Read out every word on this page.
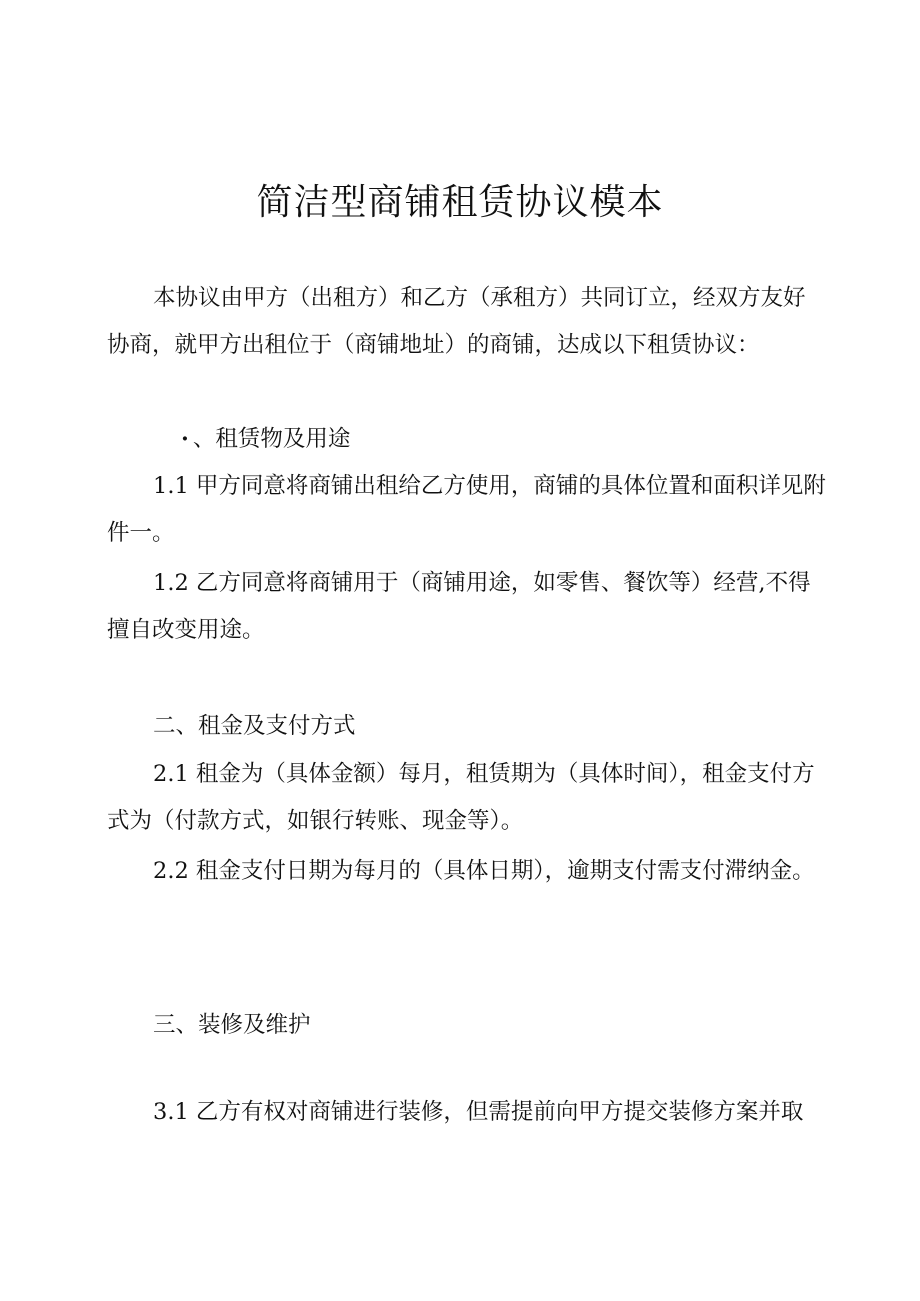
简洁型商铺租赁协议模本

本协议由甲方（出租方）和乙方（承租方）共同订立，经双方友好协商，就甲方出租位于（商铺地址）的商铺，达成以下租赁协议：

· 、租赁物及用途

1.1 甲方同意将商铺出租给乙方使用，商铺的具体位置和面积详见附件一。

1.2 乙方同意将商铺用于（商铺用途，如零售、餐饮等）经营,不得擅自改变用途。

二、租金及支付方式

2.1 租金为（具体金额）每月，租赁期为（具体时间），租金支付方式为（付款方式，如银行转账、现金等）。

2.2 租金支付日期为每月的（具体日期），逾期支付需支付滞纳金。

三、装修及维护

3.1 乙方有权对商铺进行装修，但需提前向甲方提交装修方案并取
